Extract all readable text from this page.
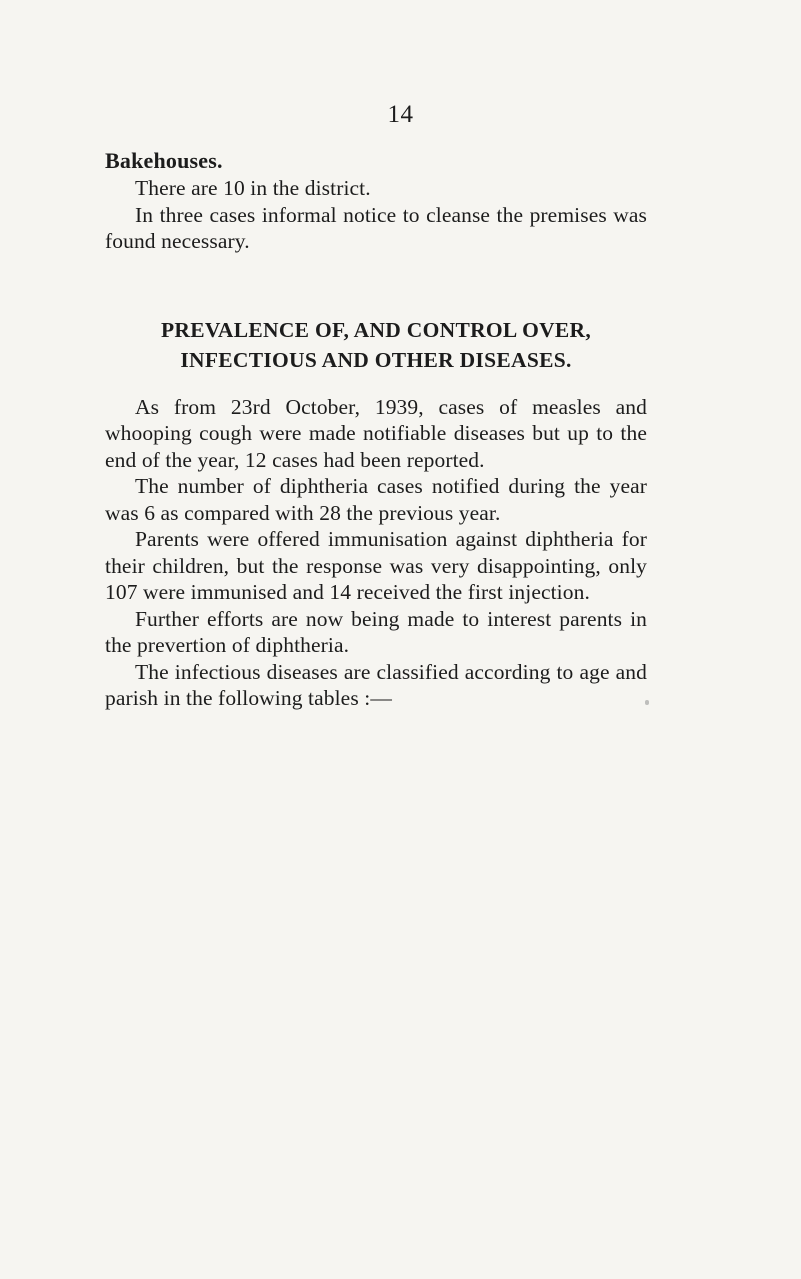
14
Bakehouses.

There are 10 in the district.

In three cases informal notice to cleanse the premises was found necessary.

PREVALENCE OF, AND CONTROL OVER,
INFECTIOUS AND OTHER DISEASES.

As from 23rd October, 1939, cases of measles and whooping cough were made notifiable diseases but up to the end of the year, 12 cases had been reported.

The number of diphtheria cases notified during the year was 6 as compared with 28 the previous year.

Parents were offered immunisation against diphtheria for their children, but the response was very disappointing, only 107 were immunised and 14 received the first injection.

Further efforts are now being made to interest parents in the prevertion of diphtheria.

The infectious diseases are classified according to age and parish in the following tables :—
